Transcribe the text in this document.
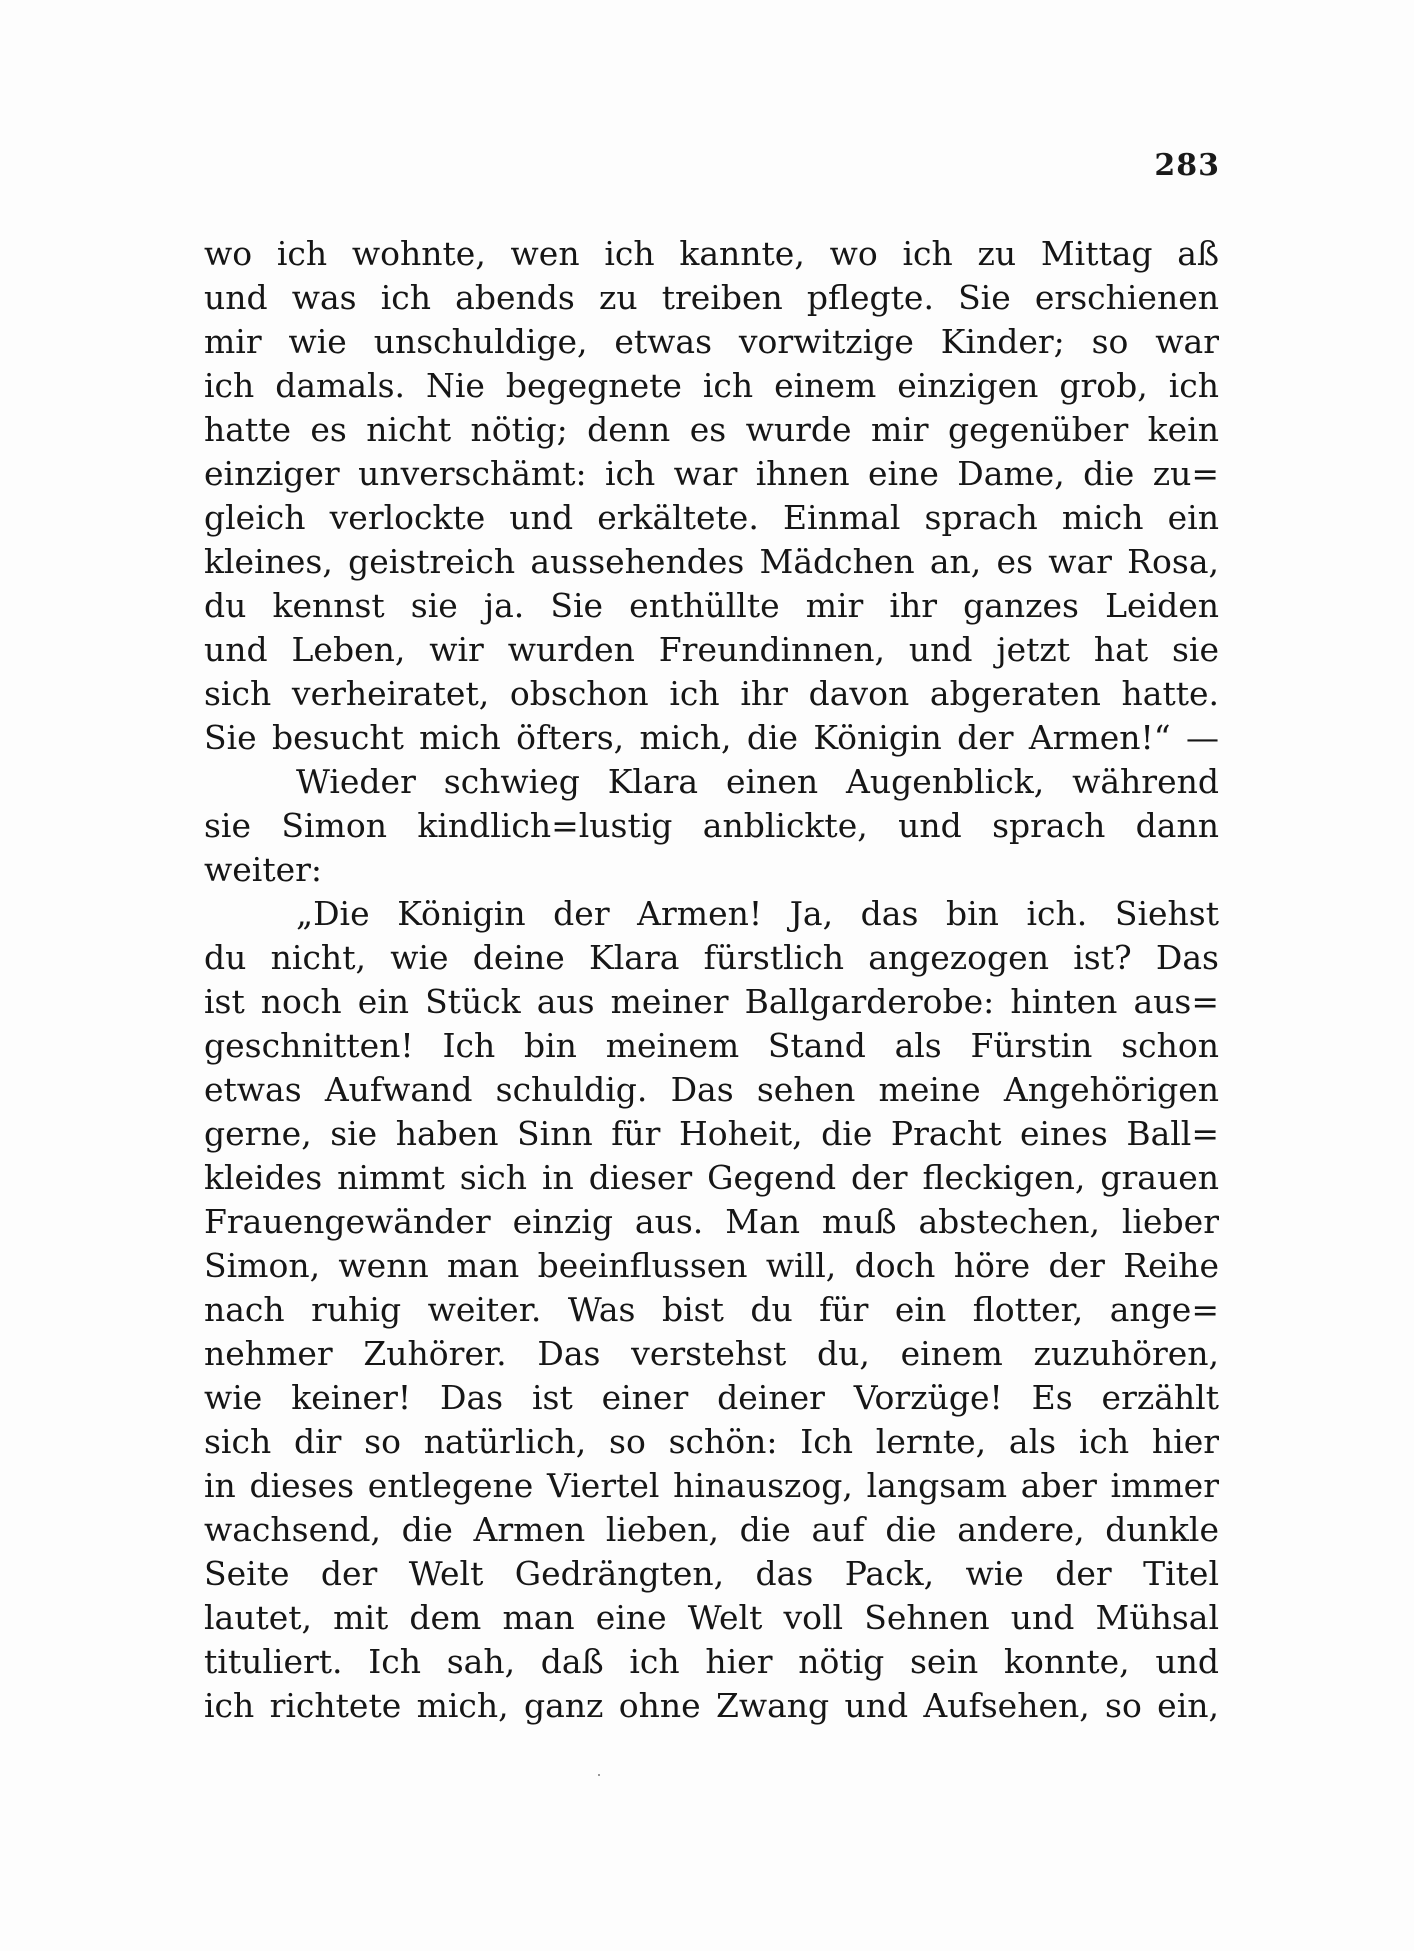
283
wo ich wohnte, wen ich kannte, wo ich zu Mittag aß
und was ich abends zu treiben pflegte. Sie erschienen
mir wie unschuldige, etwas vorwitzige Kinder; so war
ich damals. Nie begegnete ich einem einzigen grob, ich
hatte es nicht nötig; denn es wurde mir gegenüber kein
einziger unverschämt: ich war ihnen eine Dame, die zu=
gleich verlockte und erkältete. Einmal sprach mich ein
kleines, geistreich aussehendes Mädchen an, es war Rosa,
du kennst sie ja. Sie enthüllte mir ihr ganzes Leiden
und Leben, wir wurden Freundinnen, und jetzt hat sie
sich verheiratet, obschon ich ihr davon abgeraten hatte.
Sie besucht mich öfters, mich, die Königin der Armen!“ —
Wieder schwieg Klara einen Augenblick, während
sie Simon kindlich=lustig anblickte, und sprach dann
weiter:
„Die Königin der Armen! Ja, das bin ich. Siehst
du nicht, wie deine Klara fürstlich angezogen ist? Das
ist noch ein Stück aus meiner Ballgarderobe: hinten aus=
geschnitten! Ich bin meinem Stand als Fürstin schon
etwas Aufwand schuldig. Das sehen meine Angehörigen
gerne, sie haben Sinn für Hoheit, die Pracht eines Ball=
kleides nimmt sich in dieser Gegend der fleckigen, grauen
Frauengewänder einzig aus. Man muß abstechen, lieber
Simon, wenn man beeinflussen will, doch höre der Reihe
nach ruhig weiter. Was bist du für ein flotter, ange=
nehmer Zuhörer. Das verstehst du, einem zuzuhören,
wie keiner! Das ist einer deiner Vorzüge! Es erzählt
sich dir so natürlich, so schön: Ich lernte, als ich hier
in dieses entlegene Viertel hinauszog, langsam aber immer
wachsend, die Armen lieben, die auf die andere, dunkle
Seite der Welt Gedrängten, das Pack, wie der Titel
lautet, mit dem man eine Welt voll Sehnen und Mühsal
tituliert. Ich sah, daß ich hier nötig sein konnte, und
ich richtete mich, ganz ohne Zwang und Aufsehen, so ein,
